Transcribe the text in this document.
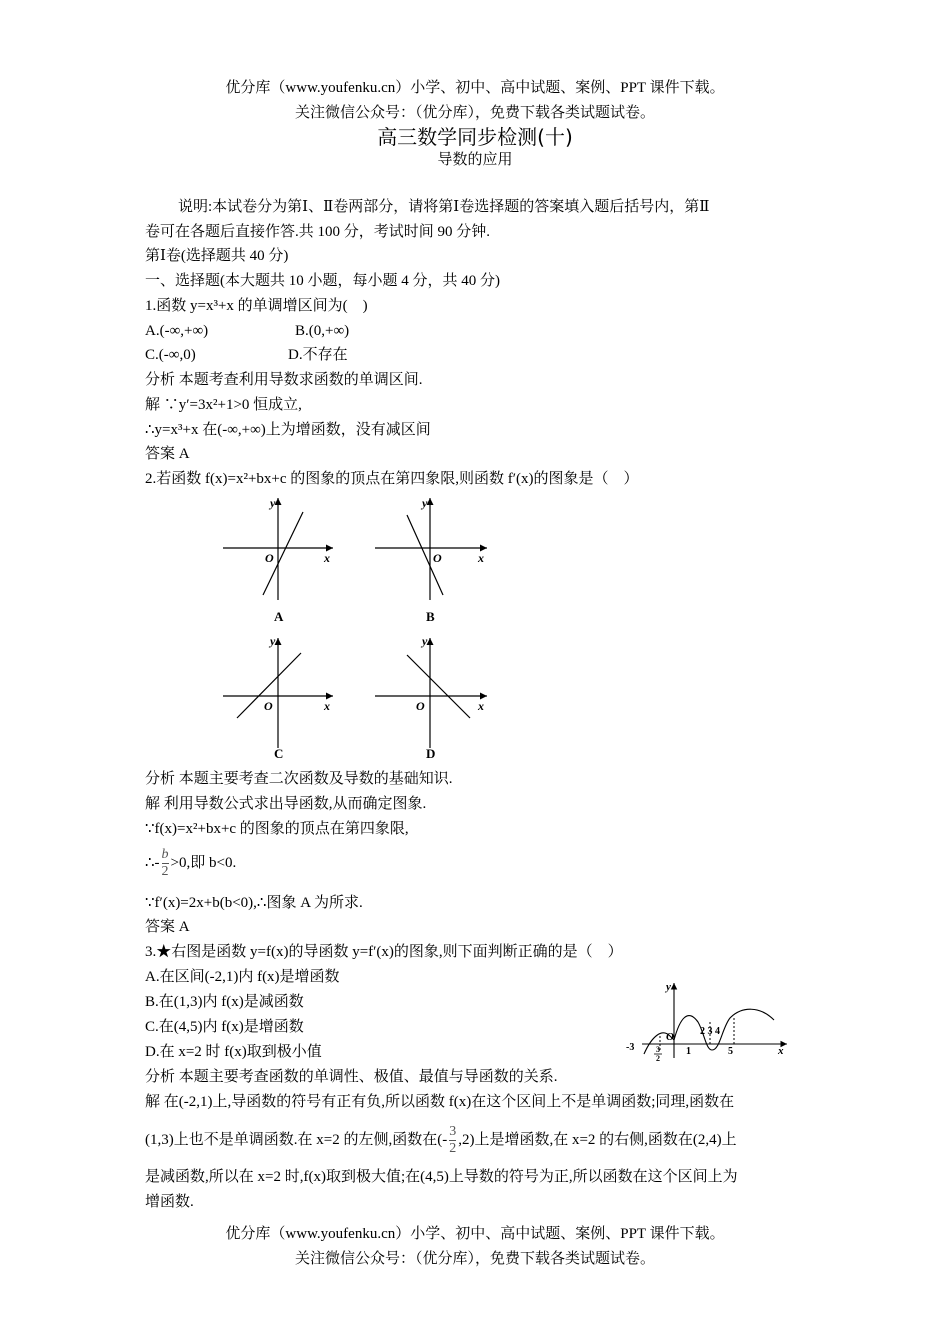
优分库（www.youfenku.cn）小学、初中、高中试题、案例、PPT 课件下载。
关注微信公众号：（优分库），免费下载各类试题试卷。
高三数学同步检测(十)
导数的应用
说明:本试卷分为第Ⅰ、Ⅱ卷两部分，请将第Ⅰ卷选择题的答案填入题后括号内，第Ⅱ
卷可在各题后直接作答.共 100 分，考试时间 90 分钟.
第Ⅰ卷(选择题共 40 分)
一、选择题(本大题共 10 小题，每小题 4 分，共 40 分)
1.函数 y=x³+x 的单调增区间为(　)
A.(-∞,+∞)	B.(0,+∞)
C.(-∞,0)	D.不存在
分析 本题考查利用导数求函数的单调区间.
解 ∵y′=3x²+1>0 恒成立,
∴y=x³+x 在(-∞,+∞)上为增函数，没有减区间
答案 A
2.若函数 f(x)=x²+bx+c 的图象的顶点在第四象限,则函数 f′(x)的图象是（　）
y
x
O
A
y
x
O
B
y
x
O
C
y
x
O
D
分析 本题主要考查二次函数及导数的基础知识.
解 利用导数公式求出导函数,从而确定图象.
∵f(x)=x²+bx+c 的图象的顶点在第四象限,
∴- $\frac{b}{2} >0$,即 b<0.
∵f′(x)=2x+b(b<0),∴图象 A 为所求.
答案 A
3.★右图是函数 y=f(x)的导函数 y=f′(x)的图象,则下面判断正确的是（　）
A.在区间(-2,1)内 f(x)是增函数
B.在(1,3)内 f(x)是减函数
C.在(4,5)内 f(x)是增函数
D.在 x=2 时 f(x)取到极小值
y
x
O
-3	3
2
1
2 3 4
5
分析 本题主要考查函数的单调性、极值、最值与导函数的关系.
解 在(-2,1)上,导函数的符号有正有负,所以函数 f(x)在这个区间上不是单调函数;同理,函数在
(1,3)上也不是单调函数.在 x=2 的左侧,函数在(- $\frac{3}{2} ,2$)上是增函数,在 x=2 的右侧,函数在(2,4)上
是减函数,所以在 x=2 时,f(x)取到极大值;在(4,5)上导数的符号为正,所以函数在这个区间上为
增函数.
优分库（www.youfenku.cn）小学、初中、高中试题、案例、PPT 课件下载。
关注微信公众号：（优分库），免费下载各类试题试卷。
